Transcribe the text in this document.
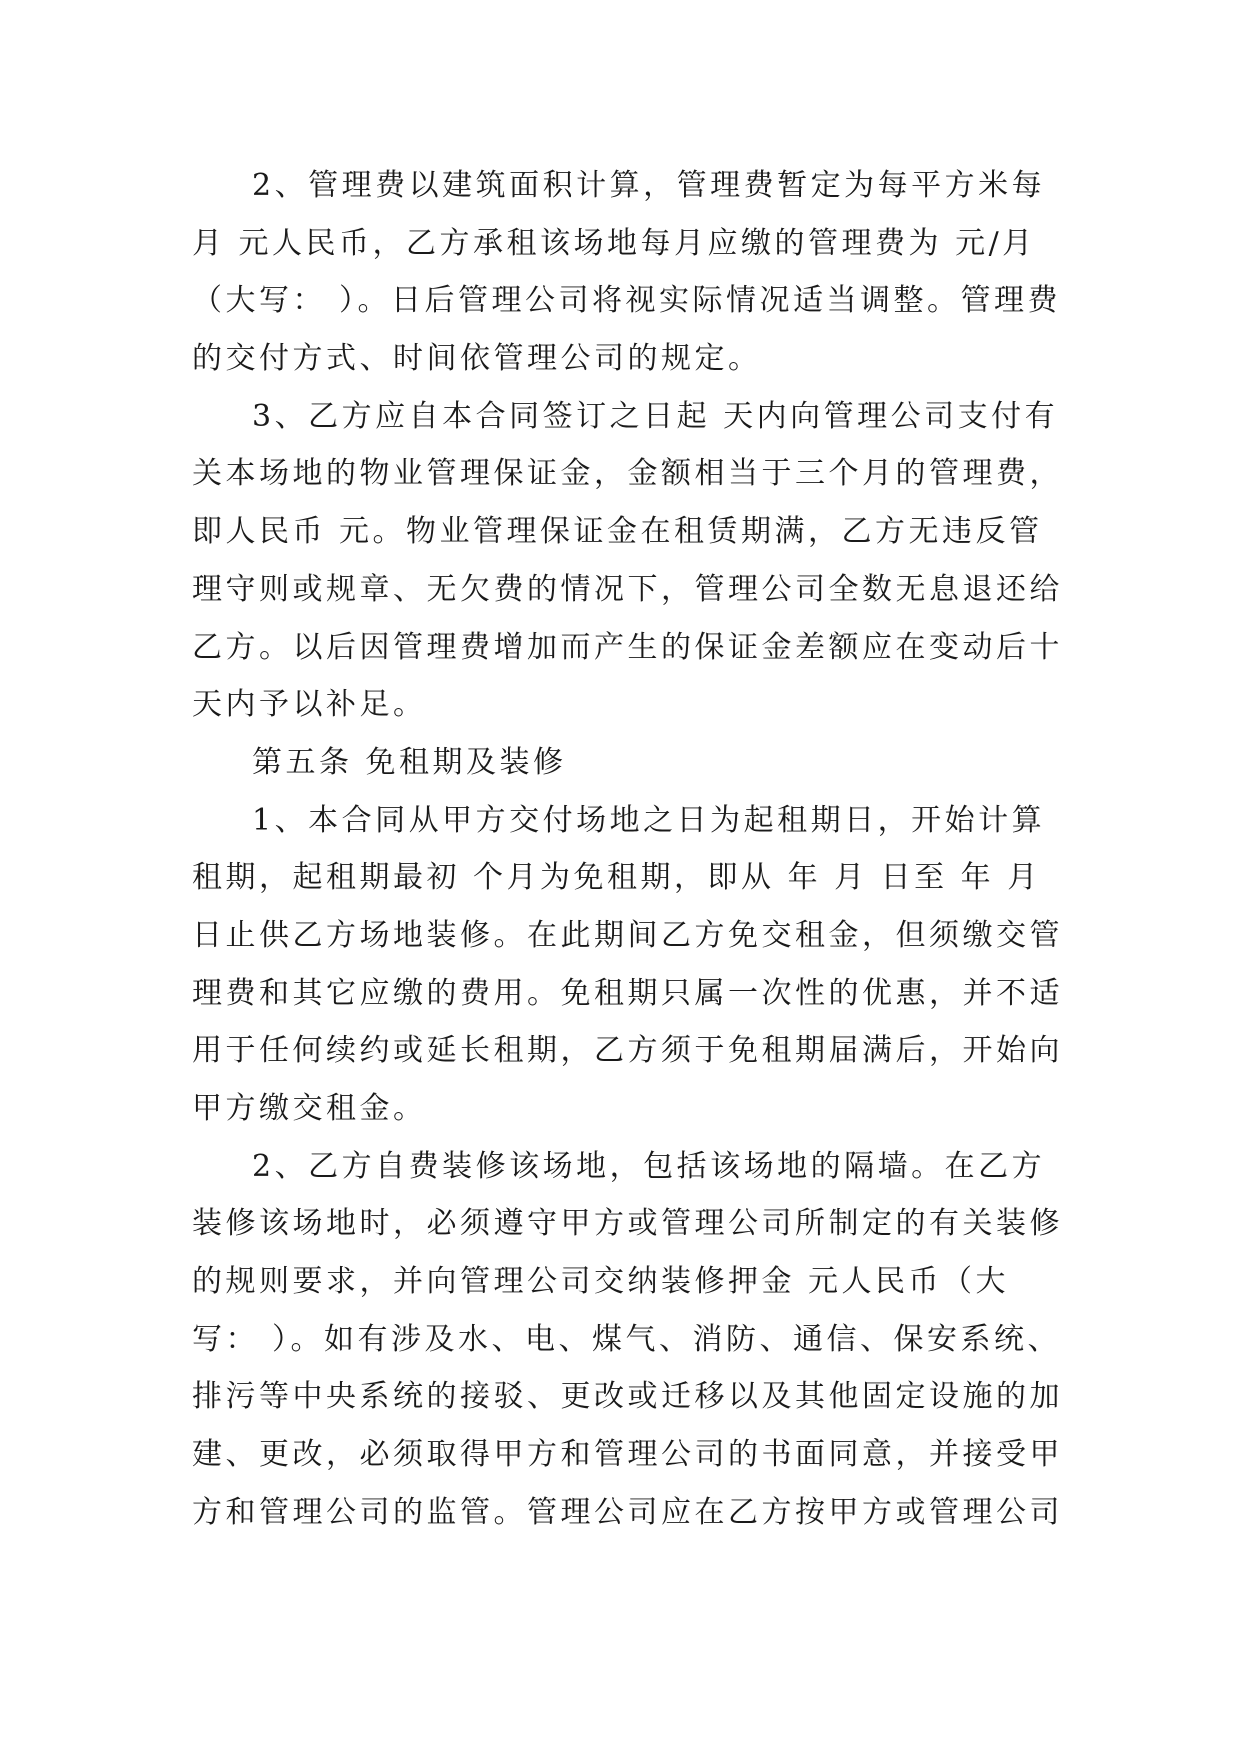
2、管理费以建筑面积计算，管理费暂定为每平方米每
月 元人民币，乙方承租该场地每月应缴的管理费为 元/月
（大写： ）。日后管理公司将视实际情况适当调整。管理费
的交付方式、时间依管理公司的规定。
3、乙方应自本合同签订之日起 天内向管理公司支付有
关本场地的物业管理保证金，金额相当于三个月的管理费，
即人民币 元。物业管理保证金在租赁期满，乙方无违反管
理守则或规章、无欠费的情况下，管理公司全数无息退还给
乙方。以后因管理费增加而产生的保证金差额应在变动后十
天内予以补足。
第五条 免租期及装修
1、本合同从甲方交付场地之日为起租期日，开始计算
租期，起租期最初 个月为免租期，即从 年 月 日至 年 月
日止供乙方场地装修。在此期间乙方免交租金，但须缴交管
理费和其它应缴的费用。免租期只属一次性的优惠，并不适
用于任何续约或延长租期，乙方须于免租期届满后，开始向
甲方缴交租金。
2、乙方自费装修该场地，包括该场地的隔墙。在乙方
装修该场地时，必须遵守甲方或管理公司所制定的有关装修
的规则要求，并向管理公司交纳装修押金 元人民币（大
写： ）。如有涉及水、电、煤气、消防、通信、保安系统、
排污等中央系统的接驳、更改或迁移以及其他固定设施的加
建、更改，必须取得甲方和管理公司的书面同意，并接受甲
方和管理公司的监管。管理公司应在乙方按甲方或管理公司
